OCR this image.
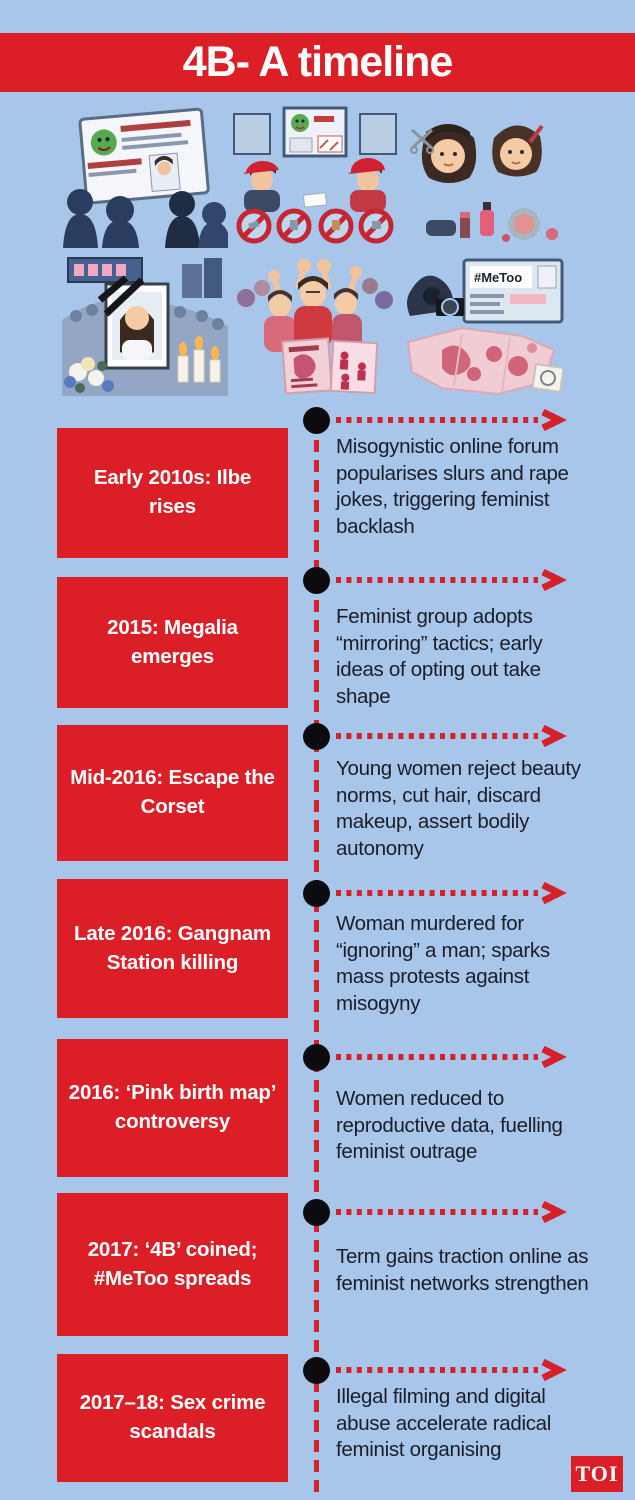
4B- A timeline
#MeToo
Early 2010s: Ilbe rises
Misogynistic online forum popularises slurs and rape jokes, triggering feminist backlash
2015: Megalia emerges
Feminist group adopts “mirroring” tactics; early ideas of opting out take shape
Mid-2016: Escape the Corset
Young women reject beauty norms, cut hair, discard makeup, assert bodily autonomy
Late 2016: Gangnam Station killing
Woman murdered for “ignoring” a man; sparks mass protests against misogyny
2016: ‘Pink birth map’ controversy
Women reduced to reproductive data, fuelling feminist outrage
2017: ‘4B’ coined; #MeToo spreads
Term gains traction online as feminist networks strengthen
2017–18: Sex crime scandals
Illegal filming and digital abuse accelerate radical feminist organising
TOI
